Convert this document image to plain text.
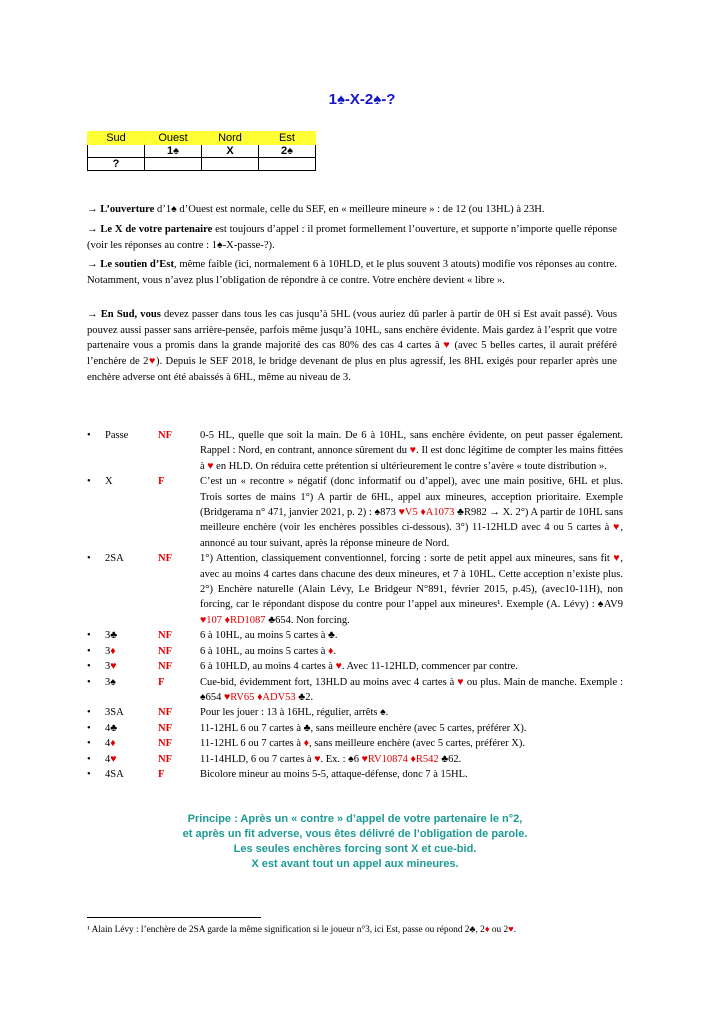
1♠-X-2♠-?
Sud	Ouest	Nord	Est
	1♠	X	2♠
?			
→ L’ouverture d’1♠ d’Ouest est normale, celle du SEF, en « meilleure mineure » : de 12 (ou 13HL) à 23H.
→ Le X de votre partenaire est toujours d’appel : il promet formellement l’ouverture, et supporte n’importe quelle réponse (voir les réponses au contre : 1♠-X-passe-?).
→ Le soutien d’Est, même faible (ici, normalement 6 à 10HLD, et le plus souvent 3 atouts) modifie vos réponses au contre. Notamment, vous n’avez plus l’obligation de répondre à ce contre. Votre enchère devient « libre ».
→ En Sud, vous devez passer dans tous les cas jusqu’à 5HL (vous auriez dû parler à partir de 0H si Est avait passé). Vous pouvez aussi passer sans arrière-pensée, parfois même jusqu’à 10HL, sans enchère évidente. Mais gardez à l’esprit que votre partenaire vous a promis dans la grande majorité des cas 80% des cas 4 cartes à ♥ (avec 5 belles cartes, il aurait préféré l’enchère de 2♥). Depuis le SEF 2018, le bridge devenant de plus en plus agressif, les 8HL exigés pour reparler après une enchère adverse ont été abaissés à 6HL, même au niveau de 3.
•	Passe	NF	0-5 HL, quelle que soit la main. De 6 à 10HL, sans enchère évidente, on peut passer également. Rappel : Nord, en contrant, annonce sûrement du ♥. Il est donc légitime de compter les mains fittées à ♥ en HLD. On réduira cette prétention si ultérieurement le contre s’avère « toute distribution ».
•	X	F	C’est un « recontre » négatif (donc informatif ou d’appel), avec une main positive, 6HL et plus. Trois sortes de mains 1°) A partir de 6HL, appel aux mineures, acception prioritaire. Exemple (Bridgerama n° 471, janvier 2021, p. 2) : ♠873 ♥V5 ♦A1073 ♣R982 → X. 2°) A partir de 10HL sans meilleure enchère (voir les enchères possibles ci-dessous). 3°) 11-12HLD avec 4 ou 5 cartes à ♥, annoncé au tour suivant, après la réponse mineure de Nord.
•	2SA	NF	1°) Attention, classiquement conventionnel, forcing : sorte de petit appel aux mineures, sans fit ♥, avec au moins 4 cartes dans chacune des deux mineures, et 7 à 10HL. Cette acception n’existe plus. 2°) Enchère naturelle (Alain Lévy, Le Bridgeur N°891, février 2015, p.45), (avec10-11H), non forcing, car le répondant dispose du contre pour l’appel aux mineures¹. Exemple (A. Lévy) : ♠AV9 ♥107 ♦RD1087 ♣654. Non forcing.
•	3♣	NF	6 à 10HL, au moins 5 cartes à ♣.
•	3♦	NF	6 à 10HL, au moins 5 cartes à ♦.
•	3♥	NF	6 à 10HLD, au moins 4 cartes à ♥. Avec 11-12HLD, commencer par contre.
•	3♠	F	Cue-bid, évidemment fort, 13HLD au moins avec 4 cartes à ♥ ou plus. Main de manche. Exemple : ♠654 ♥RV65 ♦ADV53 ♣2.
•	3SA	NF	Pour les jouer : 13 à 16HL, régulier, arrêts ♠.
•	4♣	NF	11-12HL 6 ou 7 cartes à ♣, sans meilleure enchère (avec 5 cartes, préférer X).
•	4♦	NF	11-12HL 6 ou 7 cartes à ♦, sans meilleure enchère (avec 5 cartes, préférer X).
•	4♥	NF	11-14HLD, 6 ou 7 cartes à ♥. Ex. : ♠6 ♥RV10874 ♦R542 ♣62.
•	4SA	F	Bicolore mineur au moins 5-5, attaque-défense, donc 7 à 15HL.
Principe : Après un « contre » d’appel de votre partenaire le n°2,
et après un fit adverse, vous êtes délivré de l’obligation de parole.
Les seules enchères forcing sont X et cue-bid.
X est avant tout un appel aux mineures.
¹ Alain Lévy : l’enchère de 2SA garde la même signification si le joueur n°3, ici Est, passe ou répond 2♣, 2♦ ou 2♥.
